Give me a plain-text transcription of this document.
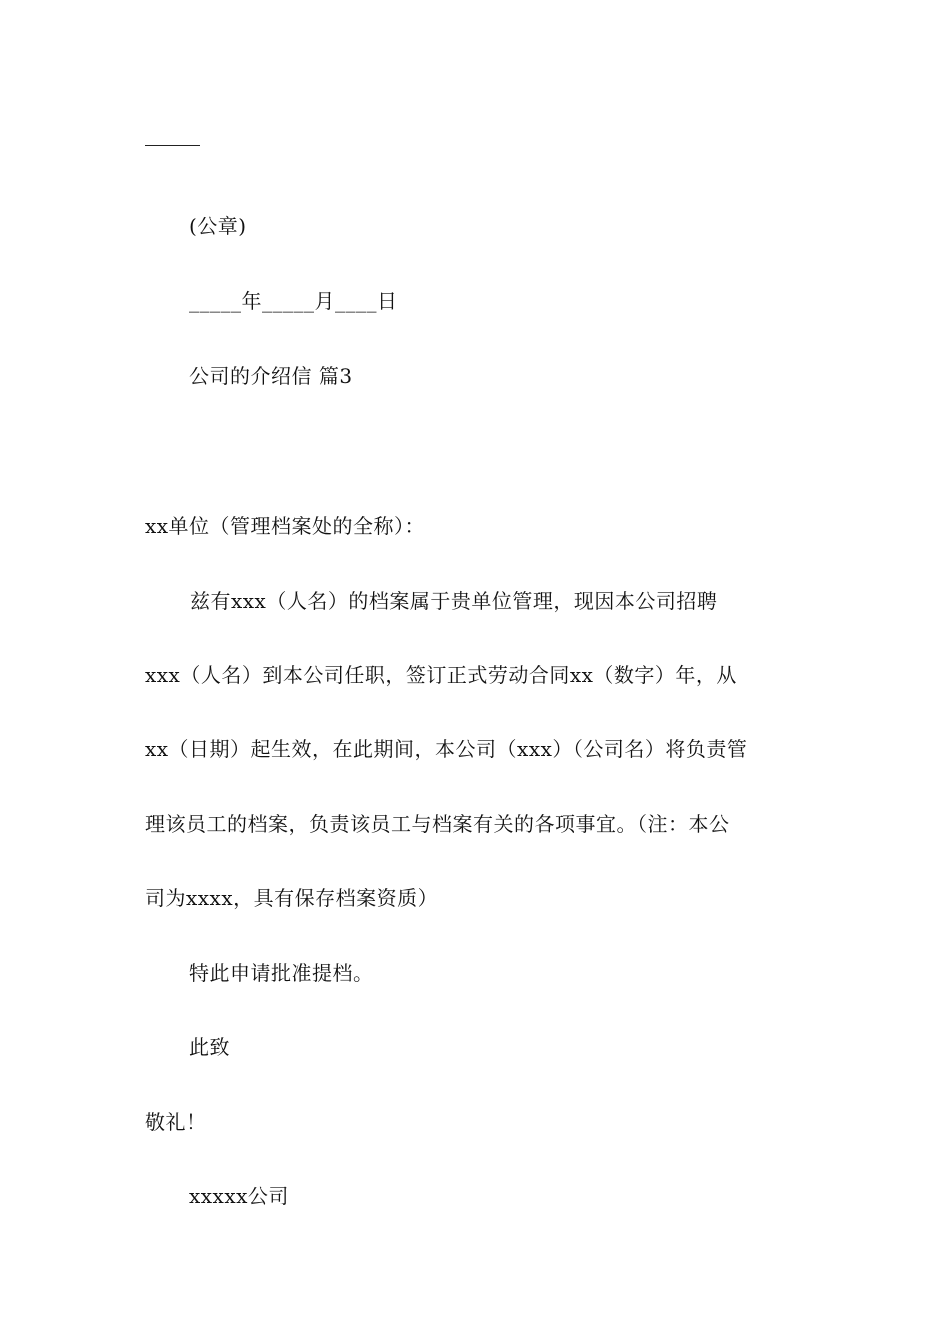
(公章)
_____年_____月____日
公司的介绍信 篇3
xx单位（管理档案处的全称）：
兹有xxx（人名）的档案属于贵单位管理，现因本公司招聘
xxx（人名）到本公司任职，签订正式劳动合同xx（数字）年，从
xx（日期）起生效，在此期间，本公司（xxx）（公司名）将负责管
理该员工的档案，负责该员工与档案有关的各项事宜。（注：本公
司为xxxx，具有保存档案资质）
特此申请批准提档。
此致
敬礼！
xxxxx公司
